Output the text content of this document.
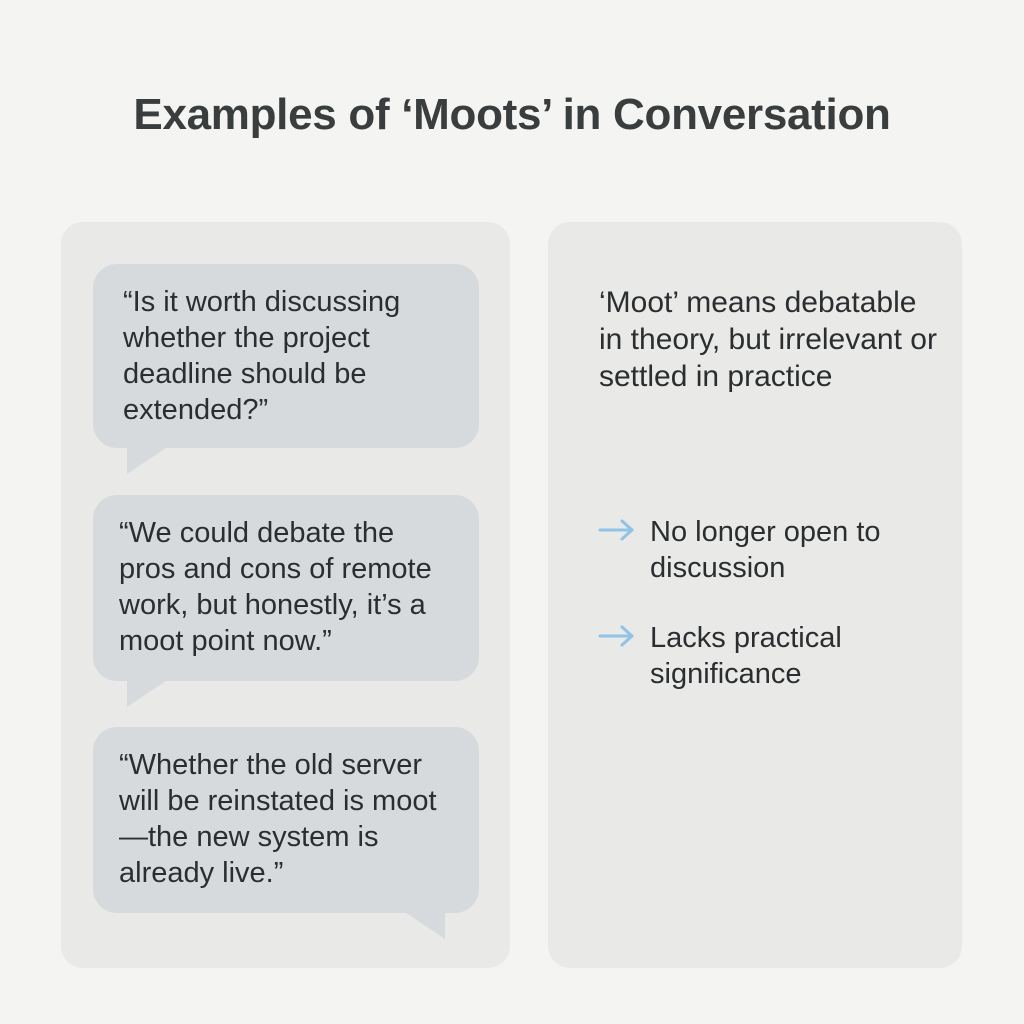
Examples of ‘Moots’ in Conversation
“Is it worth discussing whether the project deadline should be extended?”
“We could debate the pros and cons of remote work, but honestly, it’s a moot point now.”
“Whether the old server will be reinstated is moot—the new system is already live.”
‘Moot’ means debatable in theory, but irrelevant or settled in practice
No longer open to discussion
Lacks practical significance
